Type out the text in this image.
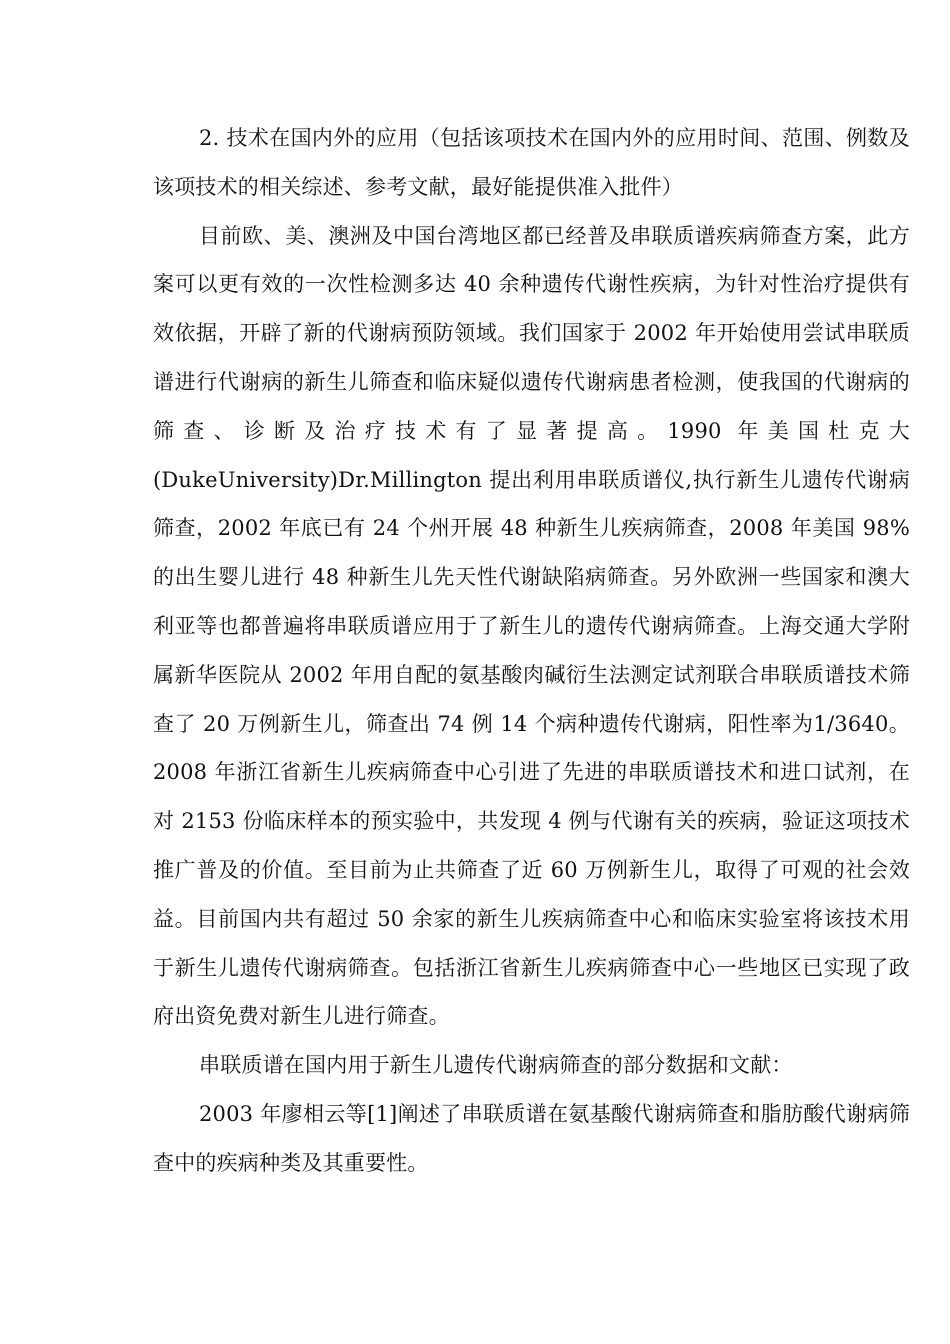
2. 技术在国内外的应用（包括该项技术在国内外的应用时间、范围、例数及该项技术的相关综述、参考文献，最好能提供准入批件）

目前欧、美、澳洲及中国台湾地区都已经普及串联质谱疾病筛查方案，此方案可以更有效的一次性检测多达 40 余种遗传代谢性疾病，为针对性治疗提供有效依据，开辟了新的代谢病预防领域。我们国家于 2002 年开始使用尝试串联质谱进行代谢病的新生儿筛查和临床疑似遗传代谢病患者检测，使我国的代谢病的筛查、诊断及治疗技术有了显著提高。1990 年美国杜克大(DukeUniversity)Dr.Millington 提出利用串联质谱仪,执行新生儿遗传代谢病筛查，2002 年底已有 24 个州开展 48 种新生儿疾病筛查，2008 年美国 98%的出生婴儿进行 48 种新生儿先天性代谢缺陷病筛查。另外欧洲一些国家和澳大利亚等也都普遍将串联质谱应用于了新生儿的遗传代谢病筛查。上海交通大学附属新华医院从 2002 年用自配的氨基酸肉碱衍生法测定试剂联合串联质谱技术筛查了 20 万例新生儿，筛查出 74 例 14 个病种遗传代谢病，阳性率为1/3640。2008 年浙江省新生儿疾病筛查中心引进了先进的串联质谱技术和进口试剂，在对 2153 份临床样本的预实验中，共发现 4 例与代谢有关的疾病，验证这项技术推广普及的价值。至目前为止共筛查了近 60 万例新生儿，取得了可观的社会效益。目前国内共有超过 50 余家的新生儿疾病筛查中心和临床实验室将该技术用于新生儿遗传代谢病筛查。包括浙江省新生儿疾病筛查中心一些地区已实现了政府出资免费对新生儿进行筛查。

串联质谱在国内用于新生儿遗传代谢病筛查的部分数据和文献：

2003 年廖相云等[1]阐述了串联质谱在氨基酸代谢病筛查和脂肪酸代谢病筛查中的疾病种类及其重要性。
